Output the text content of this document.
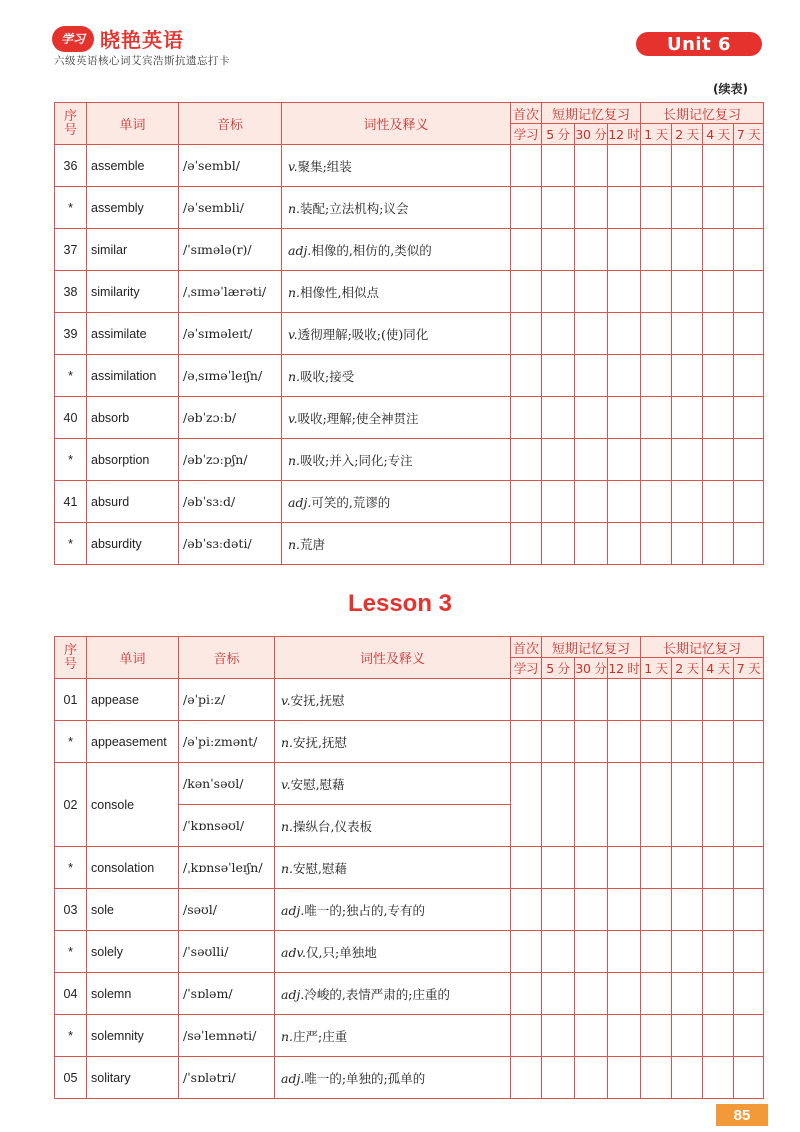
学习 晓艳英语
六级英语核心词艾宾浩斯抗遗忘打卡
Unit 6
(续表)
序
号	单词	音标	词性及释义	首次	短期记忆复习			长期记忆复习			
				学习	5 分	30 分	12 时	1 天	2 天	4 天	7 天
36	assemble	/əˈsembl/	v.聚集;组装								
*	assembly	/əˈsembli/	n.装配;立法机构;议会								
37	similar	/ˈsɪmələ(r)/	adj.相像的,相仿的,类似的								
38	similarity	/ˌsɪməˈlærəti/	n.相像性,相似点								
39	assimilate	/əˈsɪməleɪt/	v.透彻理解;吸收;(使)同化								
*	assimilation	/əˌsɪməˈleɪʃn/	n.吸收;接受								
40	absorb	/əbˈzɔːb/	v.吸收;理解;使全神贯注								
*	absorption	/əbˈzɔːpʃn/	n.吸收;并入;同化;专注								
41	absurd	/əbˈsɜːd/	adj.可笑的,荒谬的								
*	absurdity	/əbˈsɜːdəti/	n.荒唐								
Lesson 3
序
号	单词	音标	词性及释义	首次	短期记忆复习			长期记忆复习			
				学习	5 分	30 分	12 时	1 天	2 天	4 天	7 天
01	appease	/əˈpiːz/	v.安抚,抚慰								
*	appeasement	/əˈpiːzmənt/	n.安抚,抚慰								
02	console	/kənˈsəʊl/	v.安慰,慰藉								
		/ˈkɒnsəʊl/	n.操纵台,仪表板								
*	consolation	/ˌkɒnsəˈleɪʃn/	n.安慰,慰藉								
03	sole	/səʊl/	adj.唯一的;独占的,专有的								
*	solely	/ˈsəʊlli/	adv.仅,只;单独地								
04	solemn	/ˈsɒləm/	adj.冷峻的,表情严肃的;庄重的								
*	solemnity	/səˈlemnəti/	n.庄严;庄重								
05	solitary	/ˈsɒlətri/	adj.唯一的;单独的;孤单的								
85
